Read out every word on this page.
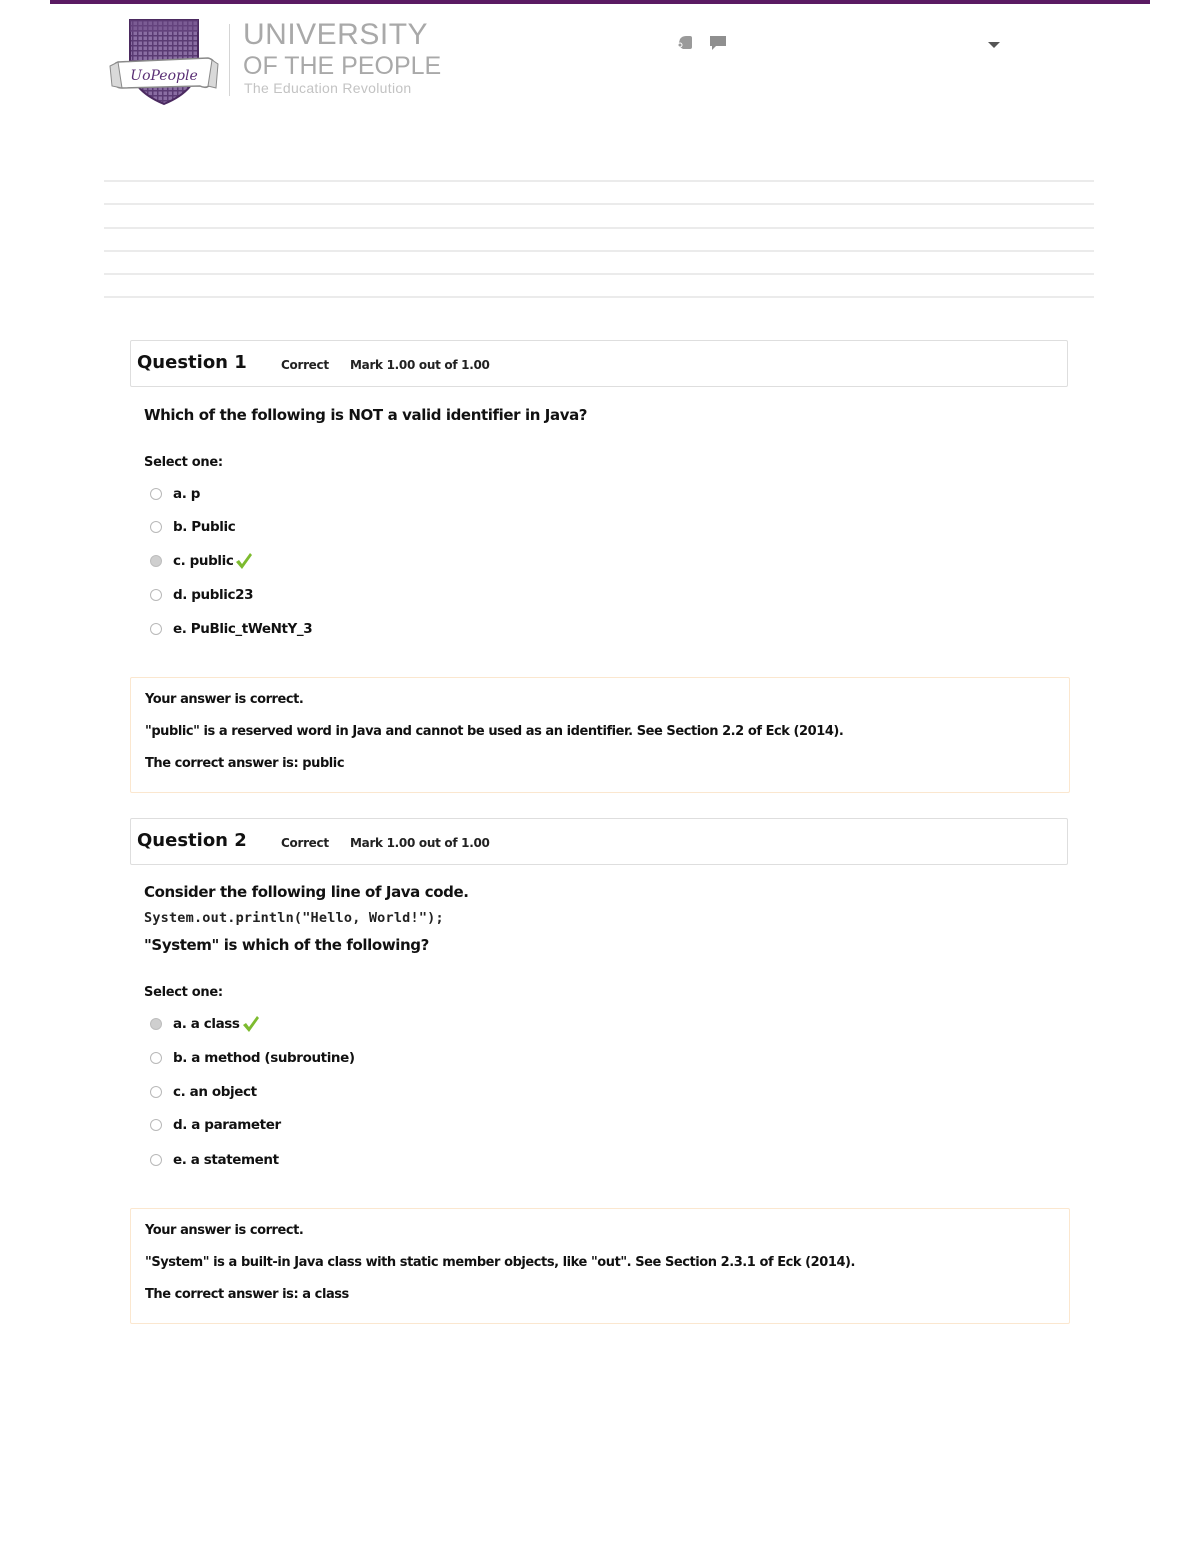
UoPeople
UNIVERSITY
OF THE PEOPLE
The Education Revolution
Question 1	Correct Mark 1.00 out of 1.00
Which of the following is NOT a valid identifier in Java?
Select one:
a. p
b. Public
c. public
d. public23
e. PuBlic_tWeNtY_3
Your answer is correct.
"public" is a reserved word in Java and cannot be used as an identifier. See Section 2.2 of Eck (2014).
The correct answer is: public
Question 2	Correct Mark 1.00 out of 1.00
Consider the following line of Java code.
System.out.println("Hello, World!");
"System" is which of the following?
Select one:
a. a class
b. a method (subroutine)
c. an object
d. a parameter
e. a statement
Your answer is correct.
"System" is a built-in Java class with static member objects, like "out". See Section 2.3.1 of Eck (2014).
The correct answer is: a class
